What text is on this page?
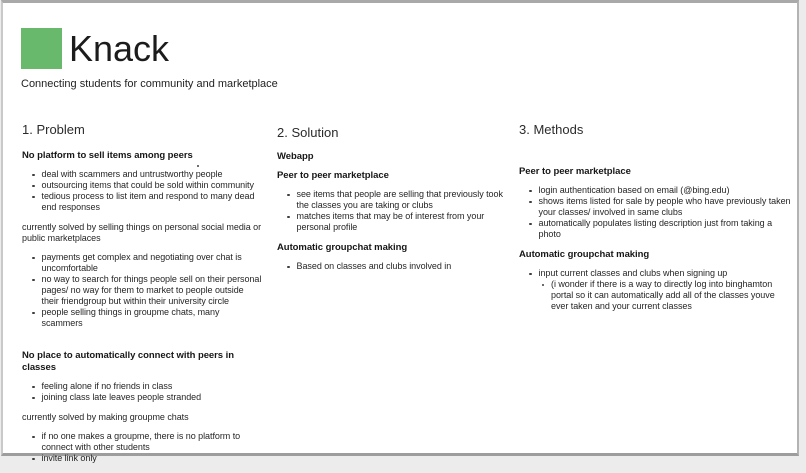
Knack
Connecting students for community and marketplace
1. Problem
No platform to sell items among peers
deal with scammers and untrustworthy people
outsourcing items that could be sold within community
tedious process to list item and respond to many dead end responses
currently solved by selling things on personal social media or public marketplaces
payments get complex and negotiating over chat is uncomfortable
no way to search for things people sell on their personal pages/ no way for them to market to people outside their friendgroup but within their university circle
people selling things in groupme chats, many scammers
No place to automatically connect with peers in classes
feeling alone if no friends in class
joining class late leaves people stranded
currently solved by making groupme chats
if no one makes a groupme, there is no platform to connect with other students
invite link only
2. Solution
Webapp
Peer to peer marketplace
see items that people are selling that previously took the classes you are taking or clubs
matches items that may be of interest from your personal profile
Automatic groupchat making
Based on classes and clubs involved in
3. Methods
Peer to peer marketplace
login authentication based on email (@bing.edu)
shows items listed for sale by people who have previously taken your classes/ involved in same clubs
automatically populates listing description just from taking a photo
Automatic groupchat making
input current classes and clubs when signing up
(i wonder if there is a way to directly log into binghamton portal so it can automatically add all of the classes youve ever taken and your current classes
